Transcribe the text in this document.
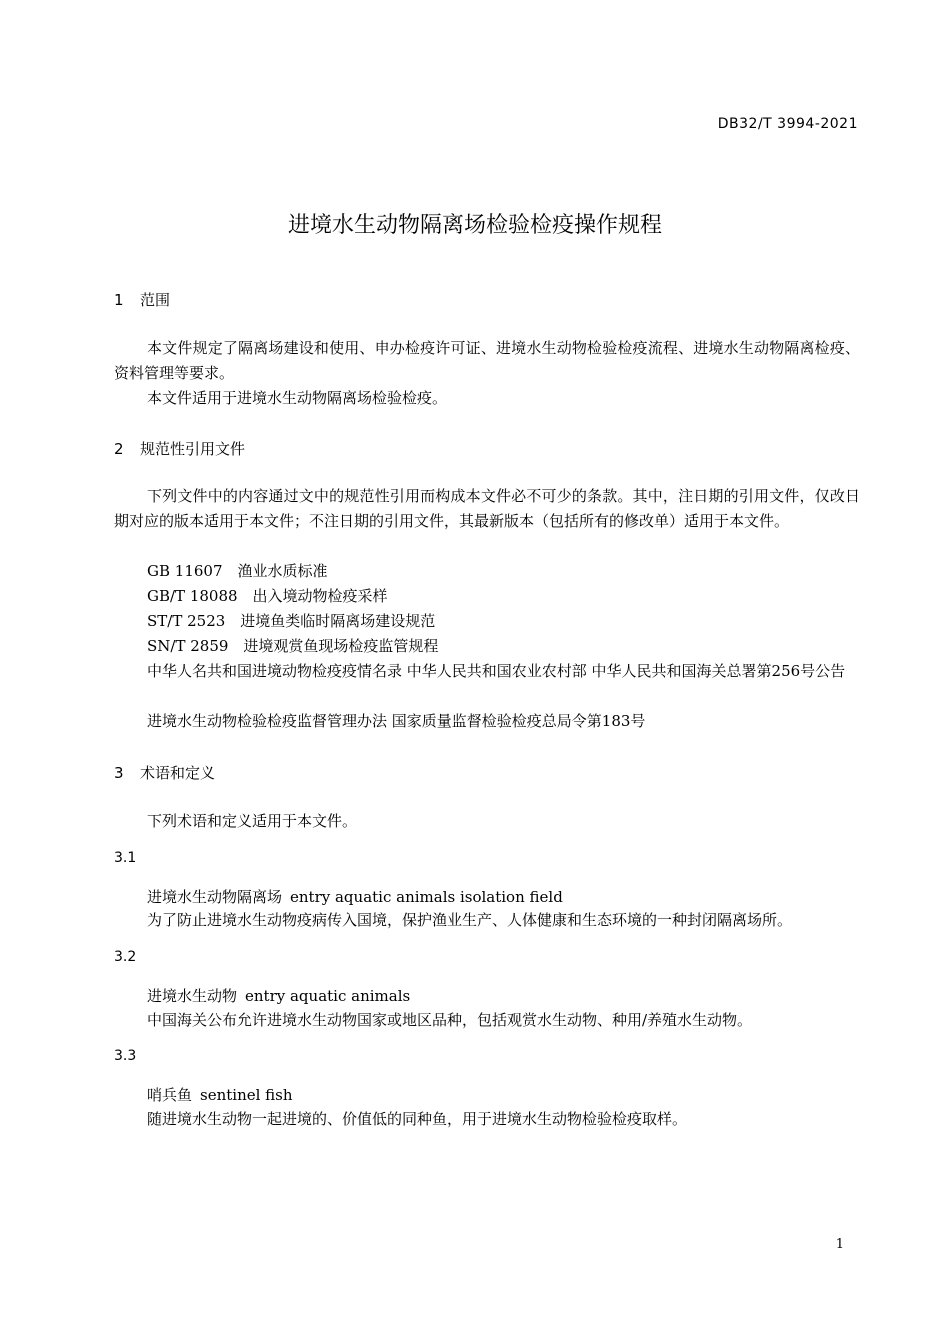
DB32/T 3994-2021
进境水生动物隔离场检验检疫操作规程
1 范围
本文件规定了隔离场建设和使用、申办检疫许可证、进境水生动物检验检疫流程、进境水生动物隔离检疫、资料管理等要求。
本文件适用于进境水生动物隔离场检验检疫。
2 规范性引用文件
下列文件中的内容通过文中的规范性引用而构成本文件必不可少的条款。其中，注日期的引用文件，仅改日期对应的版本适用于本文件；不注日期的引用文件，其最新版本（包括所有的修改单）适用于本文件。
GB 11607　渔业水质标准
GB/T 18088　出入境动物检疫采样
ST/T 2523　进境鱼类临时隔离场建设规范
SN/T 2859　进境观赏鱼现场检疫监管规程
中华人名共和国进境动物检疫疫情名录 中华人民共和国农业农村部 中华人民共和国海关总署第256号公告
进境水生动物检验检疫监督管理办法 国家质量监督检验检疫总局令第183号
3 术语和定义
下列术语和定义适用于本文件。
3.1
进境水生动物隔离场 entry aquatic animals isolation field
为了防止进境水生动物疫病传入国境，保护渔业生产、人体健康和生态环境的一种封闭隔离场所。
3.2
进境水生动物 entry aquatic animals
中国海关公布允许进境水生动物国家或地区品种，包括观赏水生动物、种用/养殖水生动物。
3.3
哨兵鱼 sentinel fish
随进境水生动物一起进境的、价值低的同种鱼，用于进境水生动物检验检疫取样。
1
